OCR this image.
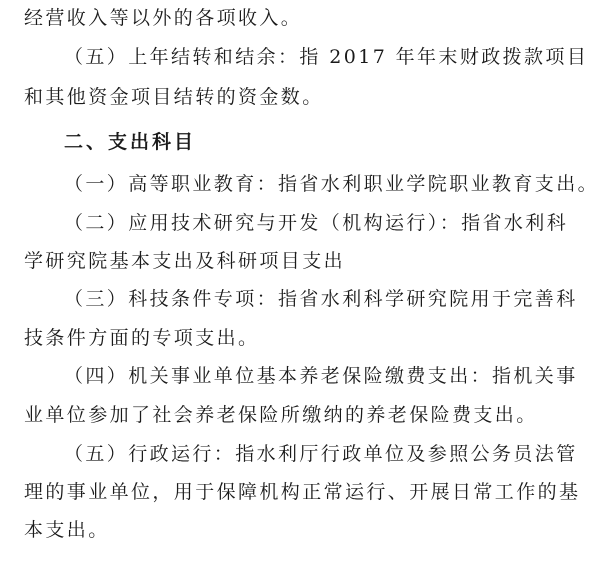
经营收入等以外的各项收入。
（五）上年结转和结余：指 2017 年年末财政拨款项目
和其他资金项目结转的资金数。
二、支出科目
（一）高等职业教育：指省水利职业学院职业教育支出。
（二）应用技术研究与开发（机构运行）：指省水利科
学研究院基本支出及科研项目支出
（三）科技条件专项：指省水利科学研究院用于完善科
技条件方面的专项支出。
（四）机关事业单位基本养老保险缴费支出：指机关事
业单位参加了社会养老保险所缴纳的养老保险费支出。
（五）行政运行：指水利厅行政单位及参照公务员法管
理的事业单位，用于保障机构正常运行、开展日常工作的基
本支出。
